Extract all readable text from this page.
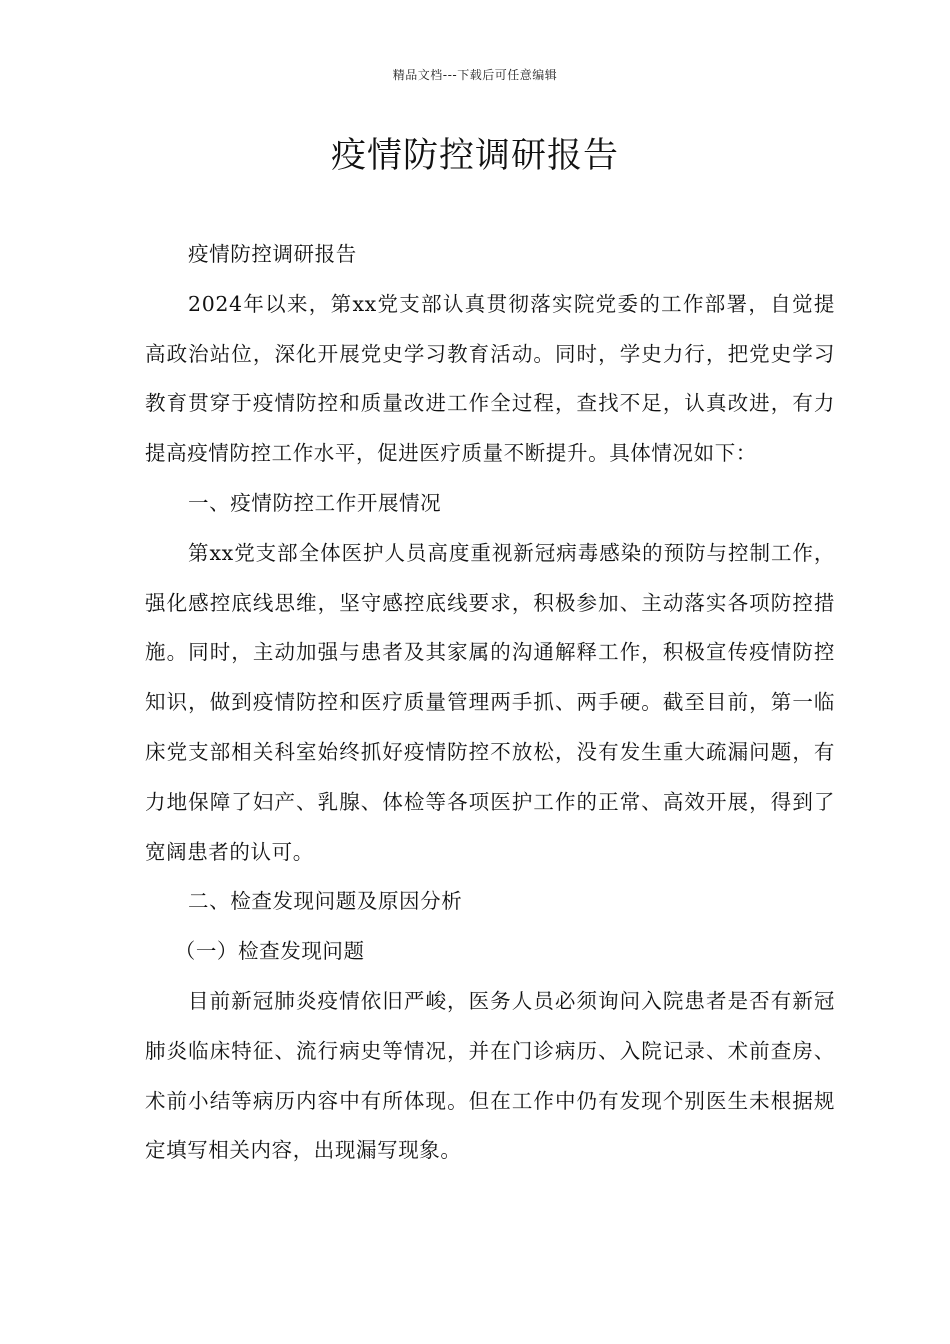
精品文档---下载后可任意编辑
疫情防控调研报告

疫情防控调研报告

2024年以来，第xx党支部认真贯彻落实院党委的工作部署，自觉提高政治站位，深化开展党史学习教育活动。同时，学史力行，把党史学习教育贯穿于疫情防控和质量改进工作全过程，查找不足，认真改进，有力提高疫情防控工作水平，促进医疗质量不断提升。具体情况如下：

一、疫情防控工作开展情况

第xx党支部全体医护人员高度重视新冠病毒感染的预防与控制工作，强化感控底线思维，坚守感控底线要求，积极参加、主动落实各项防控措施。同时，主动加强与患者及其家属的沟通解释工作，积极宣传疫情防控知识，做到疫情防控和医疗质量管理两手抓、两手硬。截至目前，第一临床党支部相关科室始终抓好疫情防控不放松，没有发生重大疏漏问题，有力地保障了妇产、乳腺、体检等各项医护工作的正常、高效开展，得到了宽阔患者的认可。

二、检查发现问题及原因分析

（一）检查发现问题

目前新冠肺炎疫情依旧严峻，医务人员必须询问入院患者是否有新冠肺炎临床特征、流行病史等情况，并在门诊病历、入院记录、术前查房、术前小结等病历内容中有所体现。但在工作中仍有发现个别医生未根据规定填写相关内容，出现漏写现象。
